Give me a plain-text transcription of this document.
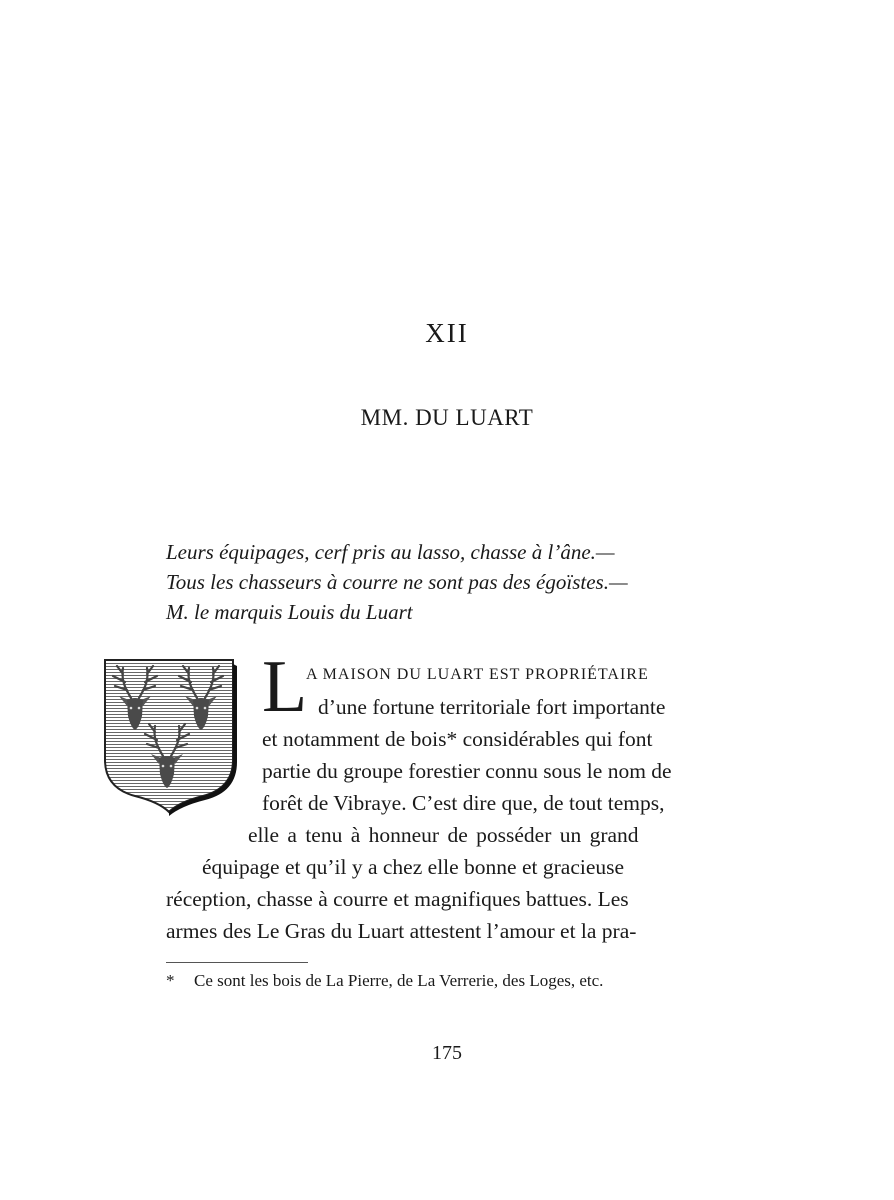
XII
MM. DU LUART
Leurs équipages, cerf pris au lasso, chasse à l’âne.—
Tous les chasseurs à courre ne sont pas des égoïstes.—
M. le marquis Louis du Luart
L
A MAISON DU LUART EST PROPRIÉTAIRE
d’une fortune territoriale fort importante
et notamment de bois* considérables qui font
partie du groupe forestier connu sous le nom de
forêt de Vibraye. C’est dire que, de tout temps,
elle a tenu à honneur de posséder un grand
équipage et qu’il y a chez elle bonne et gracieuse
réception, chasse à courre et magnifiques battues. Les
armes des Le Gras du Luart attestent l’amour et la pra-
* Ce sont les bois de La Pierre, de La Verrerie, des Loges, etc.
175
